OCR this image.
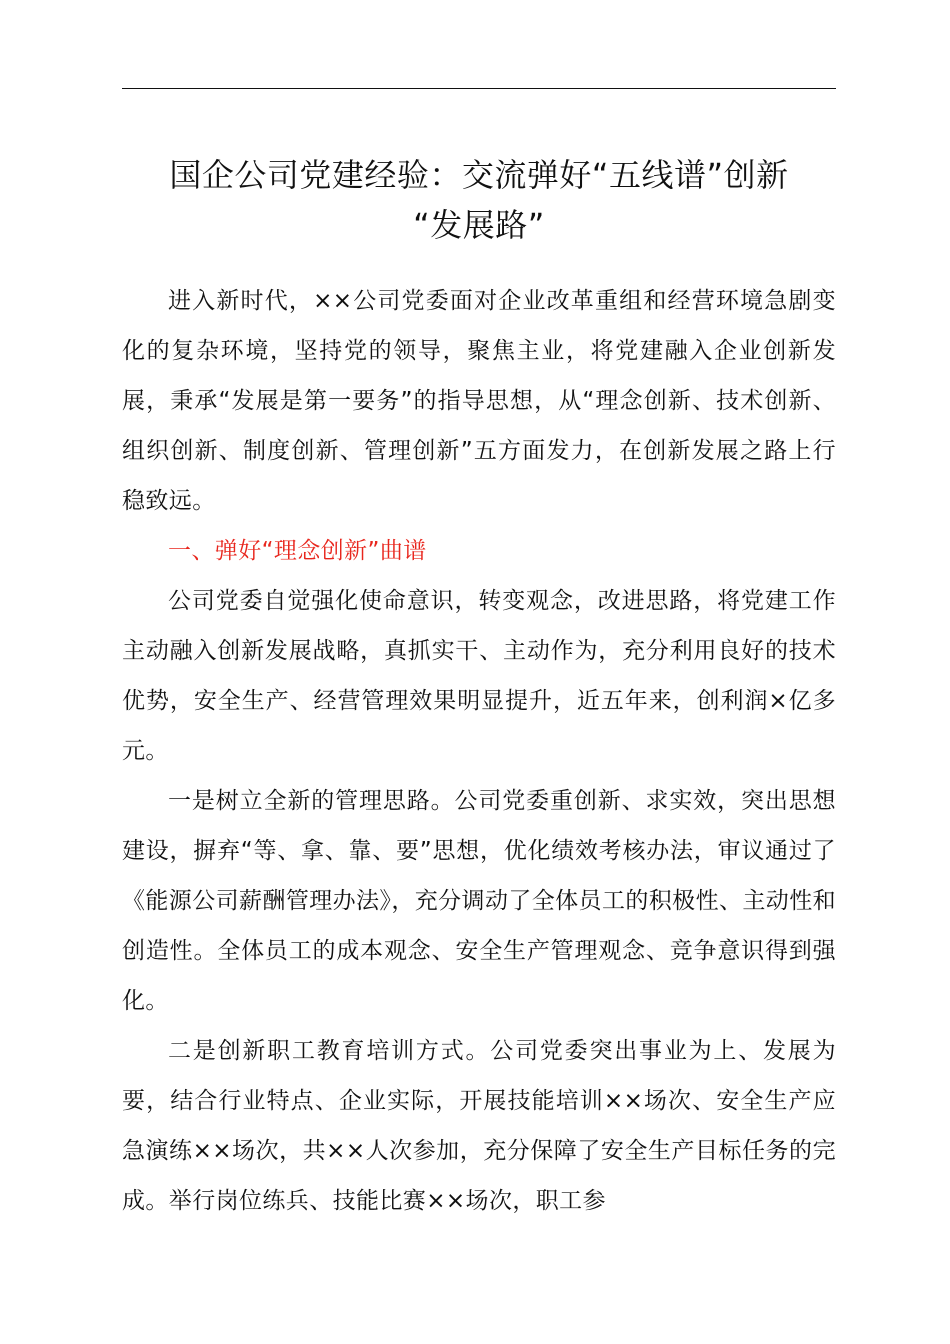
国企公司党建经验：交流弹好“五线谱”创新
“发展路”

进入新时代，××公司党委面对企业改革重组和经营环境急剧变化的复杂环境，坚持党的领导，聚焦主业，将党建融入企业创新发展，秉承“发展是第一要务”的指导思想，从“理念创新、技术创新、组织创新、制度创新、管理创新”五方面发力，在创新发展之路上行稳致远。

一、弹好“理念创新”曲谱

公司党委自觉强化使命意识，转变观念，改进思路，将党建工作主动融入创新发展战略，真抓实干、主动作为，充分利用良好的技术优势，安全生产、经营管理效果明显提升，近五年来，创利润×亿多元。

一是树立全新的管理思路。公司党委重创新、求实效，突出思想建设，摒弃“等、拿、靠、要”思想，优化绩效考核办法，审议通过了《能源公司薪酬管理办法》，充分调动了全体员工的积极性、主动性和创造性。全体员工的成本观念、安全生产管理观念、竞争意识得到强化。

二是创新职工教育培训方式。公司党委突出事业为上、发展为要，结合行业特点、企业实际，开展技能培训××场次、安全生产应急演练××场次，共××人次参加，充分保障了安全生产目标任务的完成。举行岗位练兵、技能比赛××场次，职工参
